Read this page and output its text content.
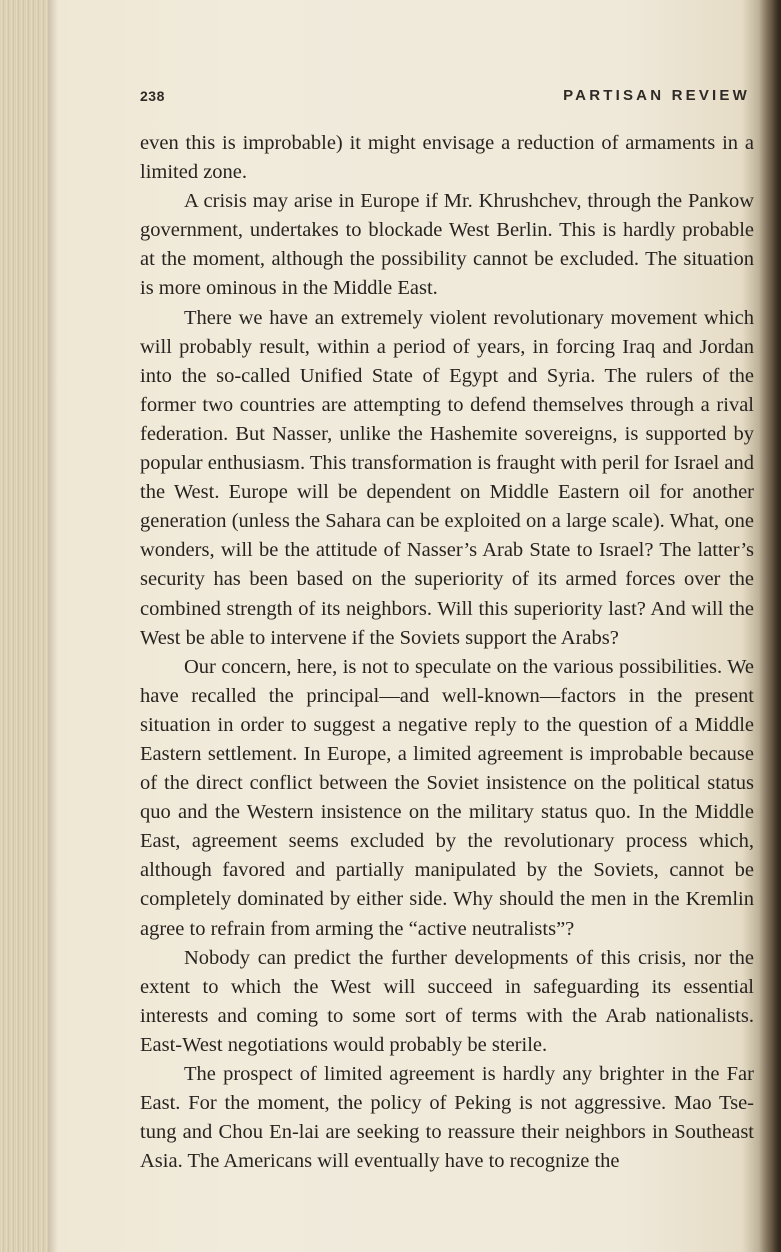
238	PARTISAN REVIEW

even this is improbable) it might envisage a reduction of armaments in a limited zone.

A crisis may arise in Europe if Mr. Khrushchev, through the Pankow government, undertakes to blockade West Berlin. This is hardly probable at the moment, although the possibility cannot be excluded. The situation is more ominous in the Middle East.

There we have an extremely violent revolutionary movement which will probably result, within a period of years, in forcing Iraq and Jordan into the so-called Unified State of Egypt and Syria. The rulers of the former two countries are attempting to defend themselves through a rival federation. But Nasser, unlike the Hashemite sovereigns, is supported by popular enthusiasm. This transformation is fraught with peril for Israel and the West. Europe will be dependent on Middle Eastern oil for another generation (unless the Sahara can be exploited on a large scale). What, one wonders, will be the attitude of Nasser’s Arab State to Israel? The latter’s security has been based on the superiority of its armed forces over the combined strength of its neighbors. Will this superiority last? And will the West be able to intervene if the Soviets support the Arabs?

Our concern, here, is not to speculate on the various possibilities. We have recalled the principal—and well-known—factors in the present situation in order to suggest a negative reply to the question of a Middle Eastern settlement. In Europe, a limited agreement is improbable because of the direct conflict between the Soviet insistence on the political status quo and the Western insistence on the military status quo. In the Middle East, agreement seems excluded by the revolutionary process which, although favored and partially manipulated by the Soviets, cannot be completely dominated by either side. Why should the men in the Kremlin agree to refrain from arming the “active neutralists”?

Nobody can predict the further developments of this crisis, nor the extent to which the West will succeed in safeguarding its essential interests and coming to some sort of terms with the Arab nationalists. East-West negotiations would probably be sterile.

The prospect of limited agreement is hardly any brighter in the Far East. For the moment, the policy of Peking is not aggressive. Mao Tse-tung and Chou En-lai are seeking to reassure their neighbors in Southeast Asia. The Americans will eventually have to recognize the
